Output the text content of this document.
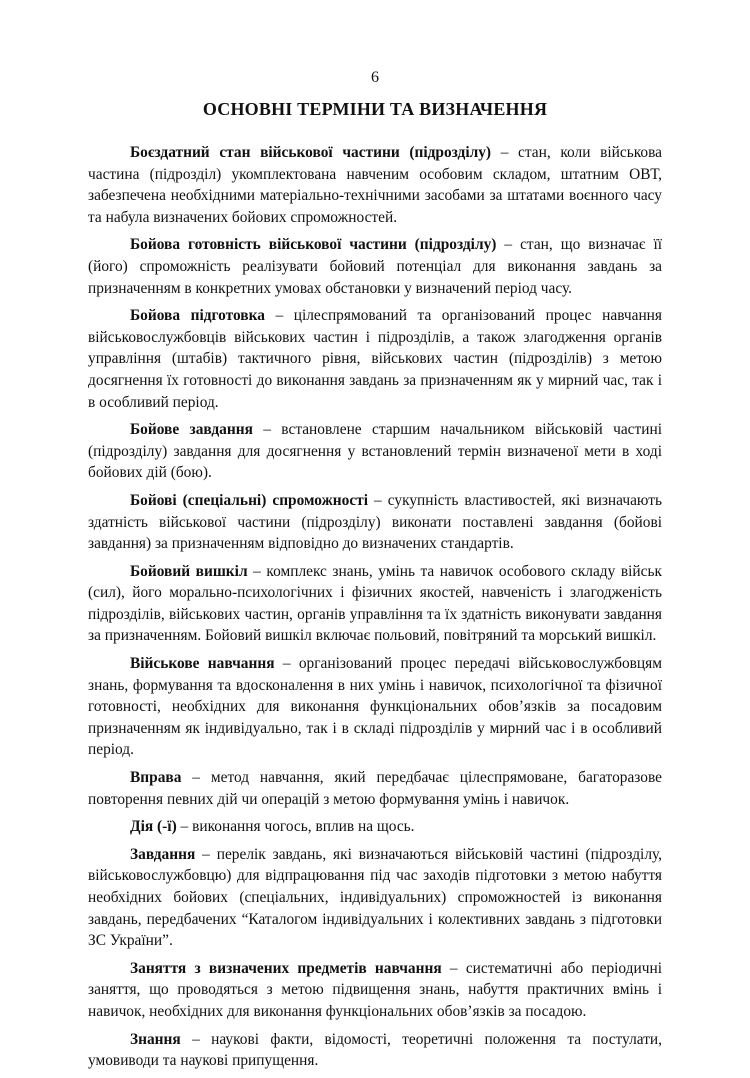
6
ОСНОВНІ ТЕРМІНИ ТА ВИЗНАЧЕННЯ

Боєздатний стан військової частини (підрозділу) – стан, коли військова частина (підрозділ) укомплектована навченим особовим складом, штатним ОВТ, забезпечена необхідними матеріально-технічними засобами за штатами воєнного часу та набула визначених бойових спроможностей.

Бойова готовність військової частини (підрозділу) – стан, що визначає її (його) спроможність реалізувати бойовий потенціал для виконання завдань за призначенням в конкретних умовах обстановки у визначений період часу.

Бойова підготовка – цілеспрямований та організований процес навчання військовослужбовців військових частин і підрозділів, а також злагодження органів управління (штабів) тактичного рівня, військових частин (підрозділів) з метою досягнення їх готовності до виконання завдань за призначенням як у мирний час, так і в особливий період.

Бойове завдання – встановлене старшим начальником військовій частині (підрозділу) завдання для досягнення у встановлений термін визначеної мети в ході бойових дій (бою).

Бойові (спеціальні) спроможності – сукупність властивостей, які визначають здатність військової частини (підрозділу) виконати поставлені завдання (бойові завдання) за призначенням відповідно до визначених стандартів.

Бойовий вишкіл – комплекс знань, умінь та навичок особового складу військ (сил), його морально-психологічних і фізичних якостей, навченість і злагодженість підрозділів, військових частин, органів управління та їх здатність виконувати завдання за призначенням. Бойовий вишкіл включає польовий, повітряний та морський вишкіл.

Військове навчання – організований процес передачі військовослужбовцям знань, формування та вдосконалення в них умінь і навичок, психологічної та фізичної готовності, необхідних для виконання функціональних обов’язків за посадовим призначенням як індивідуально, так і в складі підрозділів у мирний час і в особливий період.

Вправа – метод навчання, який передбачає цілеспрямоване, багаторазове повторення певних дій чи операцій з метою формування умінь і навичок.

Дія (-ї) – виконання чогось, вплив на щось.

Завдання – перелік завдань, які визначаються військовій частині (підрозділу, військовослужбовцю) для відпрацювання під час заходів підготовки з метою набуття необхідних бойових (спеціальних, індивідуальних) спроможностей із виконання завдань, передбачених “Каталогом індивідуальних і колективних завдань з підготовки ЗС України”.

Заняття з визначених предметів навчання – систематичні або періодичні заняття, що проводяться з метою підвищення знань, набуття практичних вмінь і навичок, необхідних для виконання функціональних обов’язків за посадою.

Знання – наукові факти, відомості, теоретичні положення та постулати, умовиводи та наукові припущення.
